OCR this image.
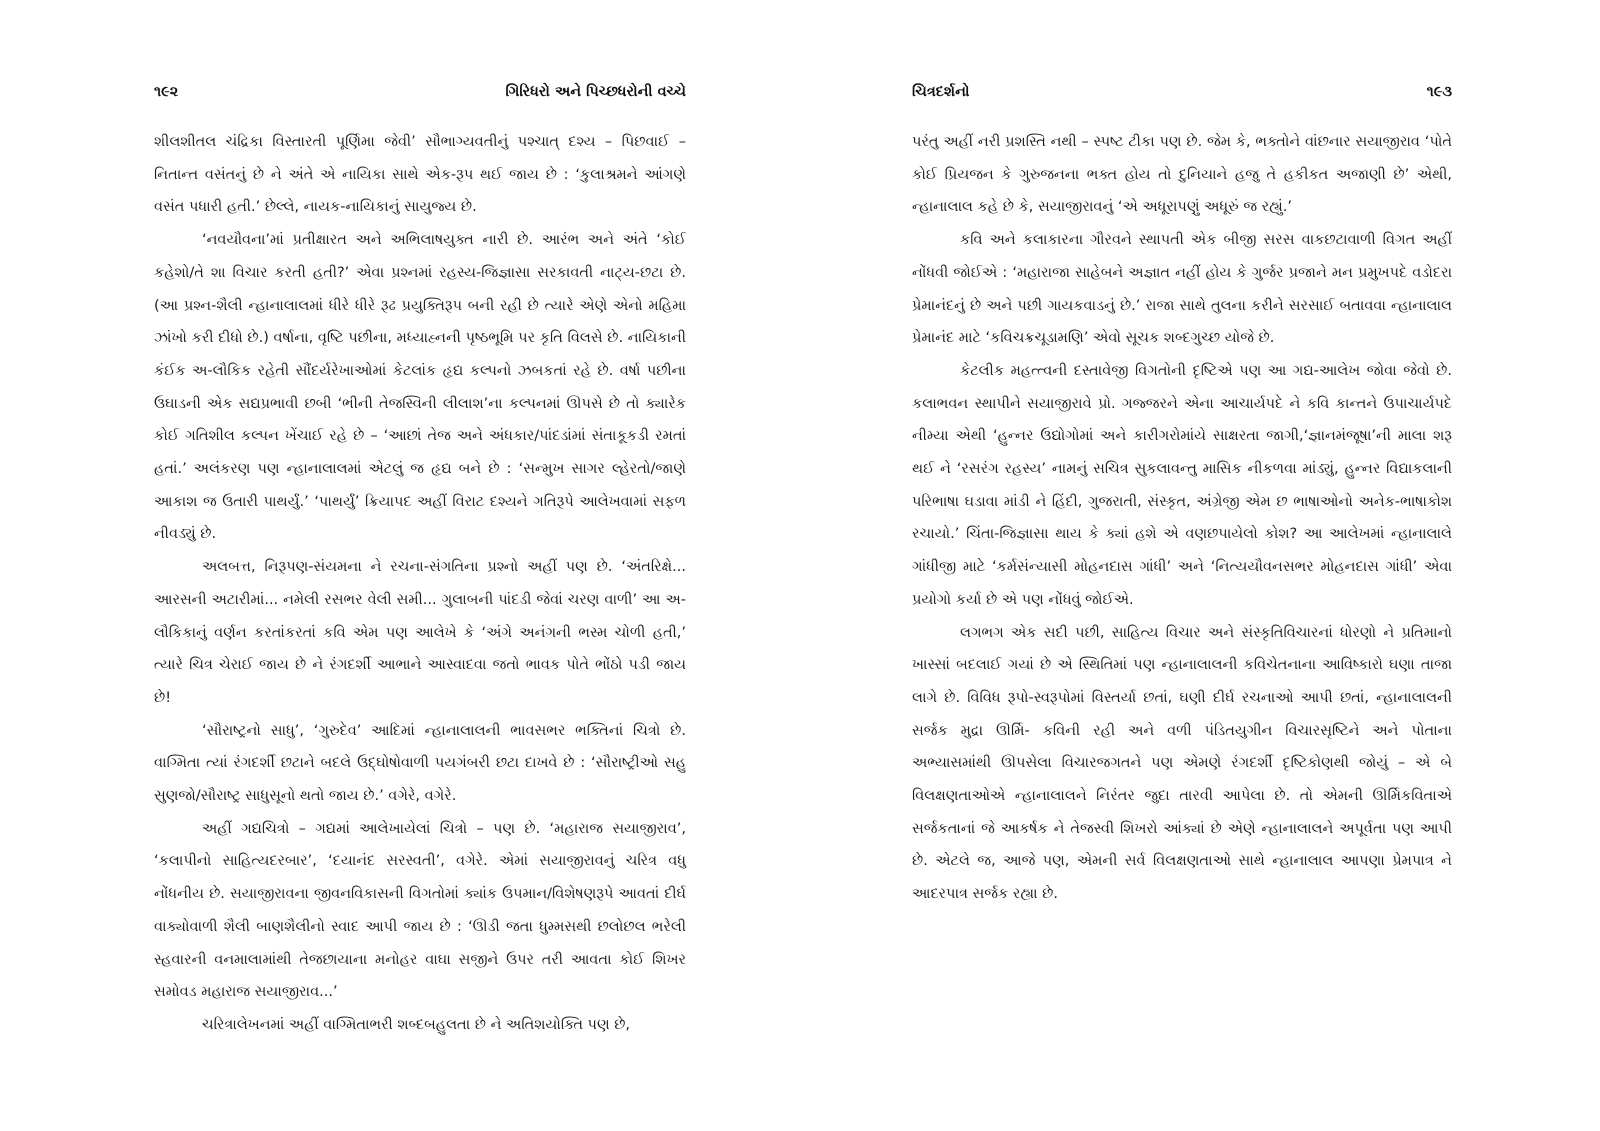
૧૯૨	ગિરિધરો અને પિચ્છધરોની વચ્ચે

શીલશીતલ ચંદ્રિકા વિસ્તારતી પૂર્ણિમા જેવી’ સૌભાગ્યવતીનું પશ્ચાત્ દશ્ય – પિછવાઈ – નિતાન્ત વસંતનું છે ને અંતે એ નાયિકા સાથે એક-રૂપ થઈ જાય છે : ‘કુલાશ્રમને આંગણે વસંત પધારી હતી.’ છેલ્લે, નાયક-નાયિકાનું સાયુજ્ય છે.

‘નવયૌવના’માં પ્રતીક્ષારત અને અભિલાષયુક્ત નારી છે. આરંભ અને અંતે ‘કોઈ કહેશો/તે શા વિચાર કરતી હતી?’ એવા પ્રશ્નમાં રહસ્ય-જિજ્ઞાસા સરકાવતી નાટ્ય-છટા છે. (આ પ્રશ્ન-શૈલી ન્હાનાલાલમાં ધીરે ધીરે રૂઢ પ્રયુક્તિરૂપ બની રહી છે ત્યારે એણે એનો મહિમા ઝાંખો કરી દીધો છે.) વર્ષાના, વૃષ્ટિ પછીના, મધ્યાહ્નની પૃષ્ઠભૂમિ પર કૃતિ વિલસે છે. નાયિકાની કંઈક અ-લૌકિક રહેતી સૌંદર્યરેખાઓમાં કેટલાંક હૃદ્ય કલ્પનો ઝબકતાં રહે છે. વર્ષા પછીના ઉઘાડની એક સદ્યપ્રભાવી છબી ‘ભીની તેજસ્વિની લીલાશ’ના કલ્પનમાં ઊપસે છે તો ક્યારેક કોઈ ગતિશીલ કલ્પન ખેંચાઈ રહે છે – ‘આછાં તેજ અને અંધકાર/પાંદડાંમાં સંતાકૂકડી રમતાં હતાં.’ અલંકરણ પણ ન્હાનાલાલમાં એટલું જ હૃદ્ય બને છે : ‘સન્મુખ સાગર લ્હેરતો/જાણે આકાશ જ ઉતારી પાથર્યું.’ ‘પાથર્યું’ ક્રિયાપદ અહીં વિરાટ દશ્યને ગતિરૂપે આલેખવામાં સફળ નીવડ્યું છે.

અલબત્ત, નિરૂપણ-સંયમના ને રચના-સંગતિના પ્રશ્નો અહીં પણ છે. ‘અંતરિક્ષે... આરસની અટારીમાં... નમેલી રસભર વેલી સમી... ગુલાબની પાંદડી જેવાં ચરણ વાળી’ આ અ-લૌકિકાનું વર્ણન કરતાંકરતાં કવિ એમ પણ આલેખે કે ‘અંગે અનંગની ભસ્મ ચોળી હતી,’ ત્યારે ચિત્ર ચેરાઈ જાય છે ને રંગદર્શી આભાને આસ્વાદવા જતો ભાવક પોતે ભોંઠો પડી જાય છે!

‘સૌરાષ્ટ્રનો સાધુ’, ‘ગુરુદેવ’ આદિમાં ન્હાનાલાલની ભાવસભર ભક્તિનાં ચિત્રો છે. વાગ્મિતા ત્યાં રંગદર્શી છટાને બદલે ઉદ્ઘોષોવાળી પયગંબરી છટા દાખવે છે : ‘સૌરાષ્ટ્રીઓ સહુ સુણજો/સૌરાષ્ટ્ર સાધુસૂનો થતો જાય છે.’ વગેરે, વગેરે.

અહીં ગદ્યચિત્રો – ગદ્યમાં આલેખાયેલાં ચિત્રો – પણ છે. ‘મહારાજ સયાજીરાવ’, ‘કલાપીનો સાહિત્યદરબાર’, ‘દયાનંદ સરસ્વતી’, વગેરે. એમાં સયાજીરાવનું ચરિત્ર વધુ નોંધનીય છે. સયાજીરાવના જીવનવિકાસની વિગતોમાં ક્યાંક ઉપમાન/વિશેષણરૂપે આવતાં દીર્ઘ વાક્યોવાળી શૈલી બાણશૈલીનો સ્વાદ આપી જાય છે : ‘ઊડી જતા ધુમ્મસથી છલોછલ ભરેલી સ્હવારની વનમાલામાંથી તેજછાયાના મનોહર વાઘા સજીને ઉપર તરી આવતા કોઈ શિખર સમોવડ મહારાજ સયાજીરાવ...’

ચરિત્રાલેખનમાં અહીં વાગ્મિતાભરી શબ્દબહુલતા છે ને અતિશયોક્તિ પણ છે,

ચિત્રદર્શનો	૧૯૩

પરંતુ અહીં નરી પ્રશસ્તિ નથી – સ્પષ્ટ ટીકા પણ છે. જેમ કે, ભક્તોને વાંછનાર સયાજીરાવ ‘પોતે કોઈ પ્રિયજન કે ગુરુજનના ભક્ત હોય તો દુનિયાને હજુ તે હકીકત અજાણી છે’ એથી, ન્હાનાલાલ કહે છે કે, સયાજીરાવનું ‘એ અધૂરાપણું અધૂરું જ રહ્યું.’

કવિ અને કલાકારના ગૌરવને સ્થાપતી એક બીજી સરસ વાકછટાવાળી વિગત અહીં નોંધવી જોઈએ : ‘મહારાજા સાહેબને અજ્ઞાત નહીં હોય કે ગુર્જર પ્રજાને મન પ્રમુખપદે વડોદરા પ્રેમાનંદનું છે અને પછી ગાયકવાડનું છે.’ રાજા સાથે તુલના કરીને સરસાઈ બતાવવા ન્હાનાલાલ પ્રેમાનંદ માટે ‘કવિચક્રચૂડામણિ’ એવો સૂચક શબ્દગુચ્છ યોજે છે.

કેટલીક મહત્ત્વની દસ્તાવેજી વિગતોની દૃષ્ટિએ પણ આ ગદ્ય-આલેખ જોવા જેવો છે. કલાભવન સ્થાપીને સયાજીરાવે પ્રો. ગજ્જરને એના આચાર્યપદે ને કવિ કાન્તને ઉપાચાર્યપદે નીમ્યા એથી ‘હુન્નર ઉદ્યોગોમાં અને કારીગરોમાંયે સાક્ષરતા જાગી,‘જ્ઞાનમંજૂષા’ની માલા શરૂ થઈ ને ‘રસરંગ રહસ્ય’ નામનું સચિત્ર સુકલાવન્તુ માસિક નીકળવા માંડ્યું, હુન્નર વિદ્યાકલાની પરિભાષા ઘડાવા માંડી ને હિંદી, ગુજરાતી, સંસ્કૃત, અંગ્રેજી એમ છ ભાષાઓનો અનેક-ભાષાકોશ રચાયો.’ ચિંતા-જિજ્ઞાસા થાય કે ક્યાં હશે એ વણછપાયેલો કોશ? આ આલેખમાં ન્હાનાલાલે ગાંધીજી માટે ‘કર્મસંન્યાસી મોહનદાસ ગાંધી’ અને ‘નિત્યયૌવનસભર મોહનદાસ ગાંધી’ એવા પ્રયોગો કર્યા છે એ પણ નોંધવું જોઈએ.

લગભગ એક સદી પછી, સાહિત્ય વિચાર અને સંસ્કૃતિવિચારનાં ધોરણો ને પ્રતિમાનો ખાસ્સાં બદલાઈ ગયાં છે એ સ્થિતિમાં પણ ન્હાનાલાલની કવિચેતનાના આવિષ્કારો ઘણા તાજા લાગે છે. વિવિધ રૂપો-સ્વરૂપોમાં વિસ્તર્યા છતાં, ઘણી દીર્ઘ રચનાઓ આપી છતાં, ન્હાનાલાલની સર્જક મુદ્રા ઊર્મિ- કવિની રહી અને વળી પંડિતયુગીન વિચારસૃષ્ટિને અને પોતાના અભ્યાસમાંથી ઊપસેલા વિચારજગતને પણ એમણે રંગદર્શી દૃષ્ટિકોણથી જોયું – એ બે વિલક્ષણતાઓએ ન્હાનાલાલને નિરંતર જુદા તારવી આપેલા છે. તો એમની ઊર્મિકવિતાએ સર્જકતાનાં જે આકર્ષક ને તેજસ્વી શિખરો આંક્યાં છે એણે ન્હાનાલાલને અપૂર્વતા પણ આપી છે. એટલે જ, આજે પણ, એમની સર્વ વિલક્ષણતાઓ સાથે ન્હાનાલાલ આપણા પ્રેમપાત્ર ને આદરપાત્ર સર્જક રહ્યા છે.
